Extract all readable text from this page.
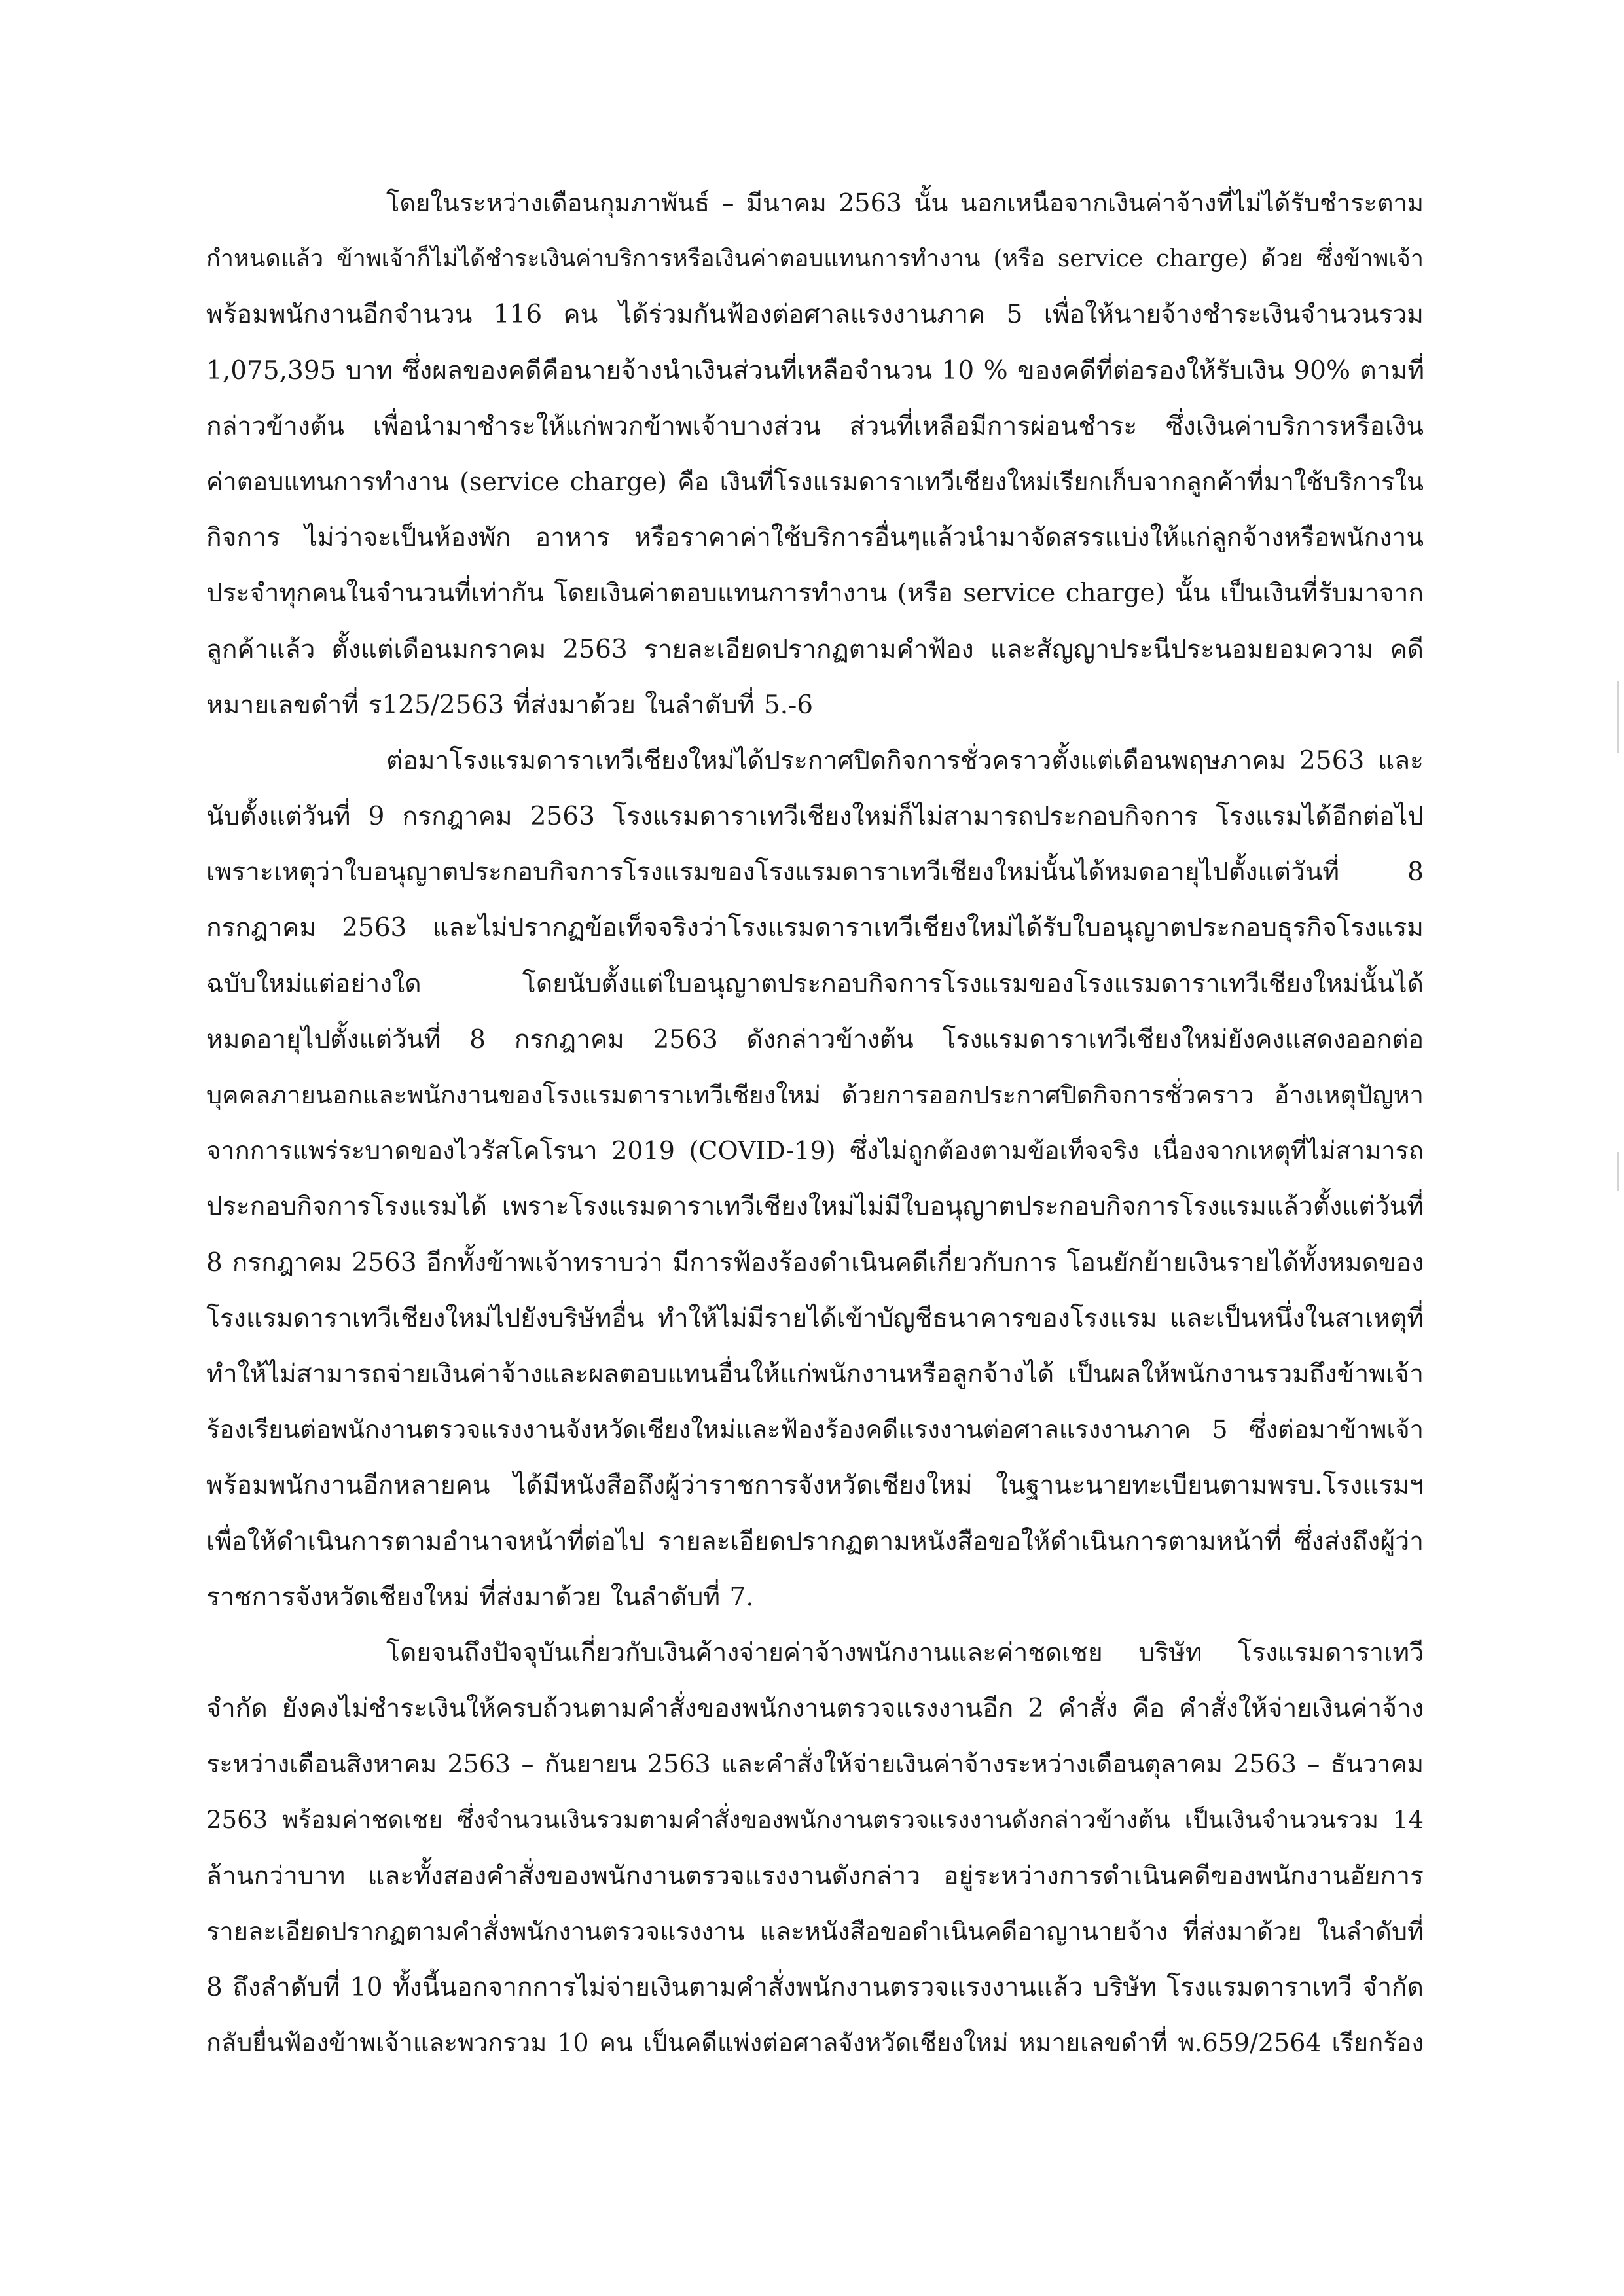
โดยในระหว่างเดือนกุมภาพันธ์ – มีนาคม 2563 นั้น นอกเหนือจากเงินค่าจ้างที่ไม่ได้รับชำระตาม
กำหนดแล้ว ข้าพเจ้าก็ไม่ได้ชำระเงินค่าบริการหรือเงินค่าตอบแทนการทำงาน (หรือ service charge) ด้วย ซึ่งข้าพเจ้า
พร้อมพนักงานอีกจำนวน 116 คน ได้ร่วมกันฟ้องต่อศาลแรงงานภาค 5 เพื่อให้นายจ้างชำระเงินจำนวนรวม
1,075,395 บาท ซึ่งผลของคดีคือนายจ้างนำเงินส่วนที่เหลือจำนวน 10 % ของคดีที่ต่อรองให้รับเงิน 90% ตามที่
กล่าวข้างต้น เพื่อนำมาชำระให้แก่พวกข้าพเจ้าบางส่วน ส่วนที่เหลือมีการผ่อนชำระ ซึ่งเงินค่าบริการหรือเงิน
ค่าตอบแทนการทำงาน (service charge) คือ เงินที่โรงแรมดาราเทวีเชียงใหม่เรียกเก็บจากลูกค้าที่มาใช้บริการใน
กิจการ ไม่ว่าจะเป็นห้องพัก อาหาร หรือราคาค่าใช้บริการอื่นๆแล้วนำมาจัดสรรแบ่งให้แก่ลูกจ้างหรือพนักงาน
ประจำทุกคนในจำนวนที่เท่ากัน โดยเงินค่าตอบแทนการทำงาน (หรือ service charge) นั้น เป็นเงินที่รับมาจาก
ลูกค้าแล้ว ตั้งแต่เดือนมกราคม 2563 รายละเอียดปรากฏตามคำฟ้อง และสัญญาประนีประนอมยอมความ คดี
หมายเลขดำที่ ร125/2563 ที่ส่งมาด้วย ในลำดับที่ 5.-6
ต่อมาโรงแรมดาราเทวีเชียงใหม่ได้ประกาศปิดกิจการชั่วคราวตั้งแต่เดือนพฤษภาคม 2563 และ
นับตั้งแต่วันที่ 9 กรกฎาคม 2563 โรงแรมดาราเทวีเชียงใหม่ก็ไม่สามารถประกอบกิจการ โรงแรมได้อีกต่อไป
เพราะเหตุว่าใบอนุญาตประกอบกิจการโรงแรมของโรงแรมดาราเทวีเชียงใหม่นั้นได้หมดอายุไปตั้งแต่วันที่ 8
กรกฎาคม 2563 และไม่ปรากฏข้อเท็จจริงว่าโรงแรมดาราเทวีเชียงใหม่ได้รับใบอนุญาตประกอบธุรกิจโรงแรม
ฉบับใหม่แต่อย่างใด โดยนับตั้งแต่ใบอนุญาตประกอบกิจการโรงแรมของโรงแรมดาราเทวีเชียงใหม่นั้นได้
หมดอายุไปตั้งแต่วันที่ 8 กรกฎาคม 2563 ดังกล่าวข้างต้น โรงแรมดาราเทวีเชียงใหม่ยังคงแสดงออกต่อ
บุคคลภายนอกและพนักงานของโรงแรมดาราเทวีเชียงใหม่ ด้วยการออกประกาศปิดกิจการชั่วคราว อ้างเหตุปัญหา
จากการแพร่ระบาดของไวรัสโคโรนา 2019 (COVID-19) ซึ่งไม่ถูกต้องตามข้อเท็จจริง เนื่องจากเหตุที่ไม่สามารถ
ประกอบกิจการโรงแรมได้ เพราะโรงแรมดาราเทวีเชียงใหม่ไม่มีใบอนุญาตประกอบกิจการโรงแรมแล้วตั้งแต่วันที่
8 กรกฎาคม 2563 อีกทั้งข้าพเจ้าทราบว่า มีการฟ้องร้องดำเนินคดีเกี่ยวกับการ โอนยักย้ายเงินรายได้ทั้งหมดของ
โรงแรมดาราเทวีเชียงใหม่ไปยังบริษัทอื่น ทำให้ไม่มีรายได้เข้าบัญชีธนาคารของโรงแรม และเป็นหนึ่งในสาเหตุที่
ทำให้ไม่สามารถจ่ายเงินค่าจ้างและผลตอบแทนอื่นให้แก่พนักงานหรือลูกจ้างได้ เป็นผลให้พนักงานรวมถึงข้าพเจ้า
ร้องเรียนต่อพนักงานตรวจแรงงานจังหวัดเชียงใหม่และฟ้องร้องคดีแรงงานต่อศาลแรงงานภาค 5 ซึ่งต่อมาข้าพเจ้า
พร้อมพนักงานอีกหลายคน ได้มีหนังสือถึงผู้ว่าราชการจังหวัดเชียงใหม่ ในฐานะนายทะเบียนตามพรบ.โรงแรมฯ
เพื่อให้ดำเนินการตามอำนาจหน้าที่ต่อไป รายละเอียดปรากฏตามหนังสือขอให้ดำเนินการตามหน้าที่ ซึ่งส่งถึงผู้ว่า
ราชการจังหวัดเชียงใหม่ ที่ส่งมาด้วย ในลำดับที่ 7.
โดยจนถึงปัจจุบันเกี่ยวกับเงินค้างจ่ายค่าจ้างพนักงานและค่าชดเชย บริษัท โรงแรมดาราเทวี
จำกัด ยังคงไม่ชำระเงินให้ครบถ้วนตามคำสั่งของพนักงานตรวจแรงงานอีก 2 คำสั่ง คือ คำสั่งให้จ่ายเงินค่าจ้าง
ระหว่างเดือนสิงหาคม 2563 – กันยายน 2563 และคำสั่งให้จ่ายเงินค่าจ้างระหว่างเดือนตุลาคม 2563 – ธันวาคม
2563 พร้อมค่าชดเชย ซึ่งจำนวนเงินรวมตามคำสั่งของพนักงานตรวจแรงงานดังกล่าวข้างต้น เป็นเงินจำนวนรวม 14
ล้านกว่าบาท และทั้งสองคำสั่งของพนักงานตรวจแรงงานดังกล่าว อยู่ระหว่างการดำเนินคดีของพนักงานอัยการ
รายละเอียดปรากฏตามคำสั่งพนักงานตรวจแรงงาน และหนังสือขอดำเนินคดีอาญานายจ้าง ที่ส่งมาด้วย ในลำดับที่
8 ถึงลำดับที่ 10 ทั้งนี้นอกจากการไม่จ่ายเงินตามคำสั่งพนักงานตรวจแรงงานแล้ว บริษัท โรงแรมดาราเทวี จำกัด
กลับยื่นฟ้องข้าพเจ้าและพวกรวม 10 คน เป็นคดีแพ่งต่อศาลจังหวัดเชียงใหม่ หมายเลขดำที่ พ.659/2564 เรียกร้อง
